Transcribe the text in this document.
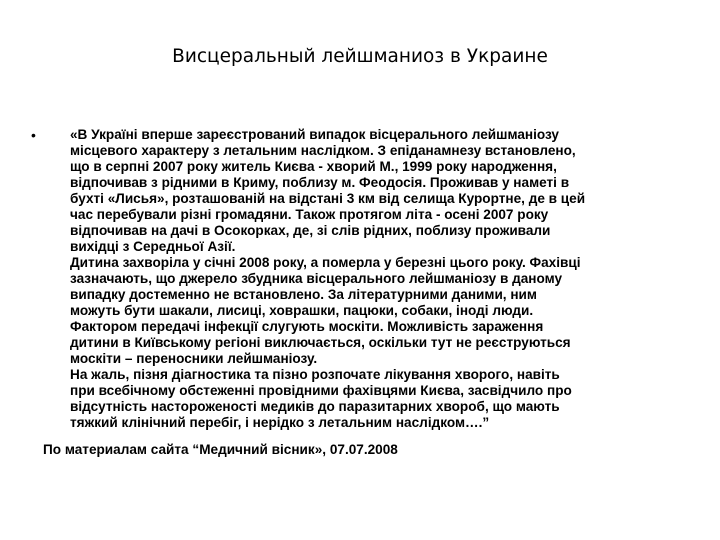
Висцеральный лейшманиоз в Украине
•	«В Україні вперше зареєстрований випадок вісцерального лейшманіозу
місцевого характеру з летальним наслідком. З епіданамнезу встановлено,
що в серпні 2007 року житель Києва - хворий М., 1999 року народження,
відпочивав з рідними в Криму, поблизу м. Феодосія. Проживав у наметі в
бухті «Лисья», розташованій на відстані 3 км від селища Курортне, де в цей
час перебували різні громадяни. Також протягом літа - осені 2007 року
відпочивав на дачі в Осокорках, де, зі слів рідних, поблизу проживали
вихідці з Середньої Азії.
Дитина захворіла у січні 2008 року, а померла у березні цього року. Фахівці
зазначають, що джерело збудника вісцерального лейшманіозу в даному
випадку достеменно не встановлено. За літературними даними, ним
можуть бути шакали, лисиці, ховрашки, пацюки, собаки, іноді люди.
Фактором передачі інфекції слугують москіти. Можливість зараження
дитини в Київському регіоні виключається, оскільки тут не реєструються
москіти – переносники лейшманіозу.
На жаль, пізня діагностика та пізно розпочате лікування хворого, навіть
при всебічному обстеженні провідними фахівцями Києва, засвідчило про
відсутність настороженості медиків до паразитарних хвороб, що мають
тяжкий клінічний перебіг, і нерідко з летальним наслідком….”

По материалам сайта “Медичний вісник», 07.07.2008
